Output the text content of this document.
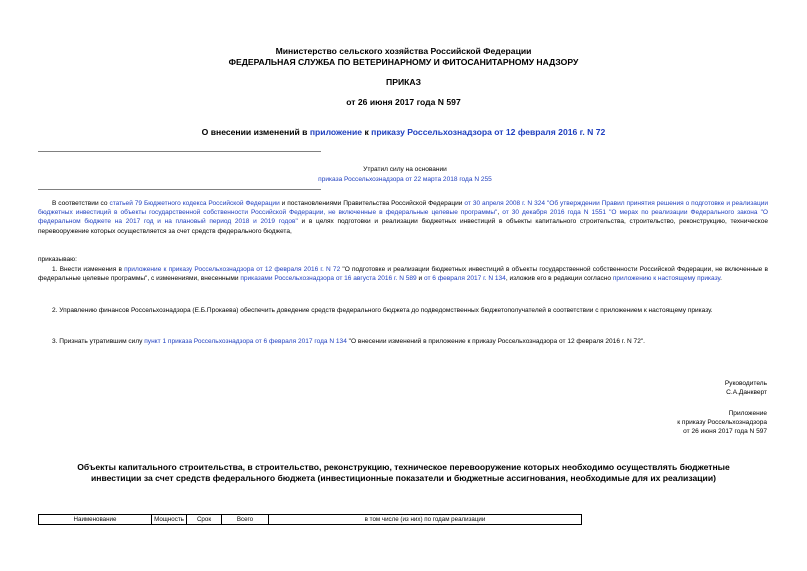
Министерство сельского хозяйства Российской Федерации
ФЕДЕРАЛЬНАЯ СЛУЖБА ПО ВЕТЕРИНАРНОМУ И ФИТОСАНИТАРНОМУ НАДЗОРУ
ПРИКАЗ
от 26 июня 2017 года N 597
О внесении изменений в приложение к приказу Россельхознадзора от 12 февраля 2016 г. N 72
Утратил силу на основании
приказа Россельхознадзора от 22 марта 2018 года N 255
В соответствии со статьей 79 Бюджетного кодекса Российской Федерации и постановлениями Правительства Российской Федерации от 30 апреля 2008 г. N 324 "Об утверждении Правил принятия решения о подготовке и реализации бюджетных инвестиций в объекты государственной собственности Российской Федерации, не включенные в федеральные целевые программы", от 30 декабря 2016 года N 1551 "О мерах по реализации Федерального закона "О федеральном бюджете на 2017 год и на плановый период 2018 и 2019 годов" и в целях подготовки и реализации бюджетных инвестиций в объекты капитального строительства, строительство, реконструкцию, техническое перевооружение которых осуществляется за счет средств федерального бюджета,
приказываю:
1. Внести изменения в приложение к приказу Россельхознадзора от 12 февраля 2016 г. N 72 "О подготовке и реализации бюджетных инвестиций в объекты государственной собственности Российской Федерации, не включенные в федеральные целевые программы", с изменениями, внесенными приказами Россельхознадзора от 16 августа 2016 г. N 589 и от 6 февраля 2017 г. N 134, изложив его в редакции согласно приложению к настоящему приказу.
2. Управлению финансов Россельхознадзора (Е.Б.Прокаева) обеспечить доведение средств федерального бюджета до подведомственных бюджетополучателей в соответствии с приложением к настоящему приказу.
3. Признать утратившим силу пункт 1 приказа Россельхознадзора от 6 февраля 2017 года N 134 "О внесении изменений в приложение к приказу Россельхознадзора от 12 февраля 2016 г. N 72".
Руководитель
С.А.Данкверт
Приложение
к приказу Россельхознадзора
от 26 июня 2017 года N 597
Объекты капитального строительства, в строительство, реконструкцию, техническое перевооружение которых необходимо осуществлять бюджетные инвестиции за счет средств федерального бюджета (инвестиционные показатели и бюджетные ассигнования, необходимые для их реализации)
Наименование	Мощность	Срок	Всего	в том числе (из них) по годам реализации
